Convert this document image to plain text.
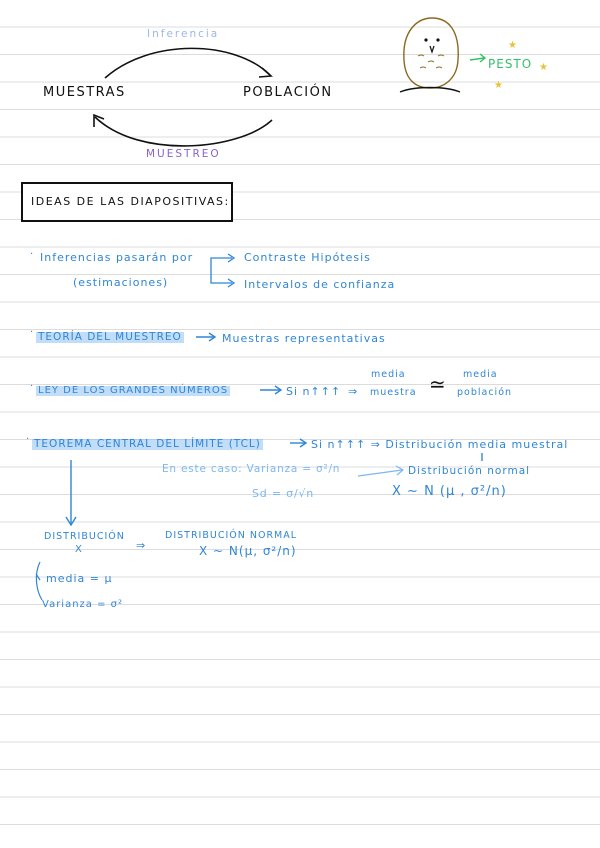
★
★
★
Inferencia
MUESTRAS	POBLACIÓN
MUESTREO
PESTO
IDEAS DE LAS DIAPOSITIVAS:
· Inferencias pasarán por
(estimaciones)
Contraste Hipótesis
Intervalos de confianza
· TEORÍA DEL MUESTREO	Muestras representativas
· LEY DE LOS GRANDES NÚMEROS	Si n↑↑↑ ⇒
media
muestra ≃ media
población
· TEOREMA CENTRAL DEL LÍMITE (TCL)	Si n↑↑↑ ⇒ Distribución media muestral
En este caso: Varianza = σ²/n
Sd = σ/√n
‖
Distribución normal
X ~ N (μ , σ²/n)
DISTRIBUCIÓN
X	⇒
DISTRIBUCIÓN NORMAL
X ~ N(μ, σ²/n)
media = μ
Varianza = σ²
